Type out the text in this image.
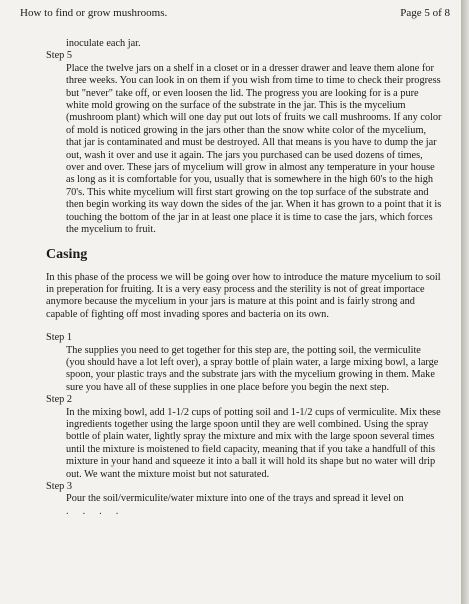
How to find or grow mushrooms.	Page 5 of 8

inoculate each jar.

Step 5

Place the twelve jars on a shelf in a closet or in a dresser drawer and leave them alone for three weeks. You can look in on them if you wish from time to time to check their progress but "never" take off, or even loosen the lid. The progress you are looking for is a pure white mold growing on the surface of the substrate in the jar. This is the mycelium (mushroom plant) which will one day put out lots of fruits we call mushrooms. If any color of mold is noticed growing in the jars other than the snow white color of the mycelium, that jar is contaminated and must be destroyed. All that means is you have to dump the jar out, wash it over and use it again. The jars you purchased can be used dozens of times, over and over. These jars of mycelium will grow in almost any temperature in your house as long as it is comfortable for you, usually that is somewhere in the high 60's to the high 70's. This white mycelium will first start growing on the top surface of the substrate and then begin working its way down the sides of the jar. When it has grown to a point that it is touching the bottom of the jar in at least one place it is time to case the jars, which forces the mycelium to fruit.

Casing

In this phase of the process we will be going over how to introduce the mature mycelium to soil in preperation for fruiting. It is a very easy process and the sterility is not of great importace anymore because the mycelium in your jars is mature at this point and is fairly strong and capable of fighting off most invading spores and bacteria on its own.

Step 1

The supplies you need to get together for this step are, the potting soil, the vermiculite (you should have a lot left over), a spray bottle of plain water, a large mixing bowl, a large spoon, your plastic trays and the substrate jars with the mycelium growing in them. Make sure you have all of these supplies in one place before you begin the next step.

Step 2

In the mixing bowl, add 1-1/2 cups of potting soil and 1-1/2 cups of vermiculite. Mix these ingredients together using the large spoon until they are well combined. Using the spray bottle of plain water, lightly spray the mixture and mix with the large spoon several times until the mixture is moistened to field capacity, meaning that if you take a handfull of this mixture in your hand and squeeze it into a ball it will hold its shape but no water will drip out. We want the mixture moist but not saturated.

Step 3

Pour the soil/vermiculite/water mixture into one of the trays and spread it level on

....
